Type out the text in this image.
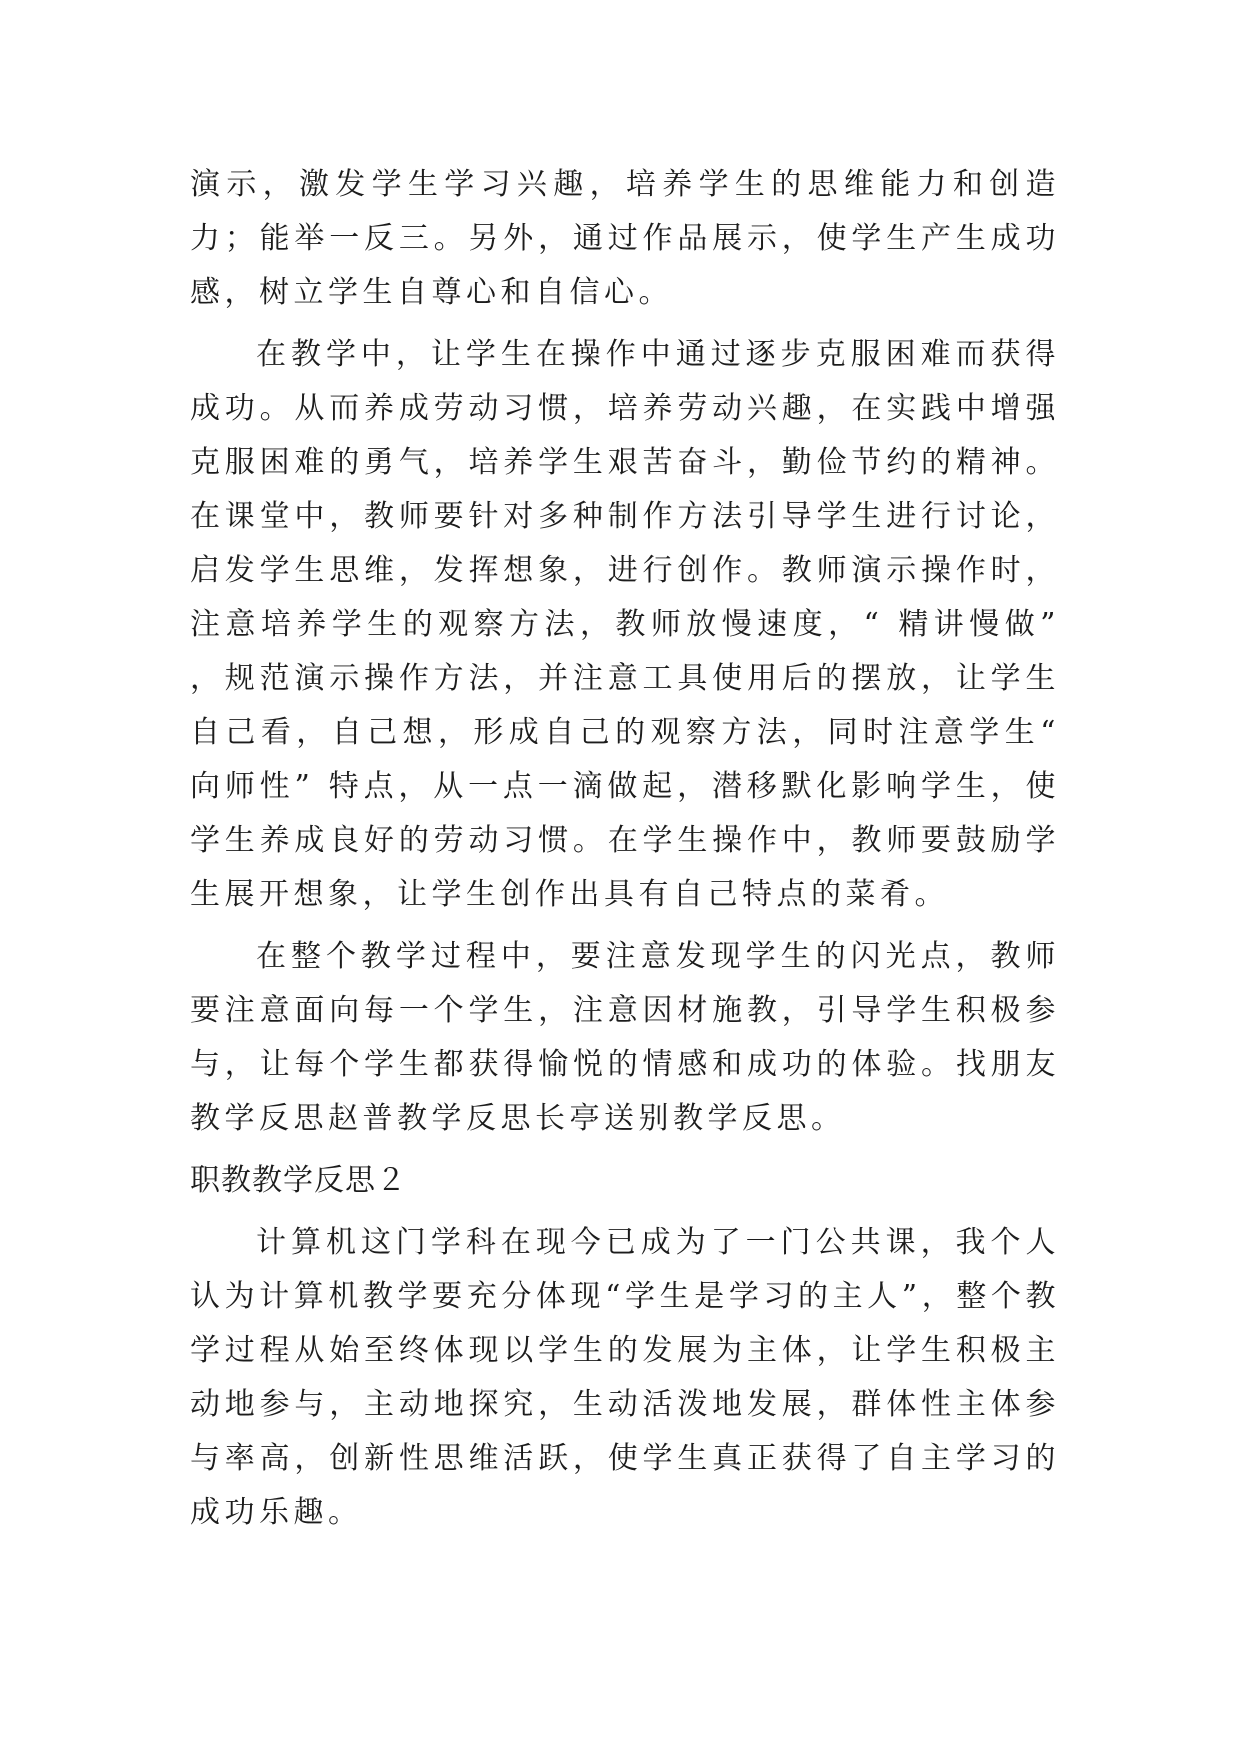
演示，激发学生学习兴趣，培养学生的思维能力和创造力；能举一反三。另外，通过作品展示，使学生产生成功感，树立学生自尊心和自信心。

在教学中，让学生在操作中通过逐步克服困难而获得成功。从而养成劳动习惯，培养劳动兴趣，在实践中增强克服困难的勇气，培养学生艰苦奋斗，勤俭节约的精神。在课堂中，教师要针对多种制作方法引导学生进行讨论，启发学生思维，发挥想象，进行创作。教师演示操作时，注意培养学生的观察方法，教师放慢速度，“ 精讲慢做” ，规范演示操作方法，并注意工具使用后的摆放，让学生自己看，自己想，形成自己的观察方法，同时注意学生“ 向师性” 特点，从一点一滴做起，潜移默化影响学生，使学生养成良好的劳动习惯。在学生操作中，教师要鼓励学生展开想象，让学生创作出具有自己特点的菜肴。

在整个教学过程中，要注意发现学生的闪光点，教师要注意面向每一个学生，注意因材施教，引导学生积极参与，让每个学生都获得愉悦的情感和成功的体验。找朋友教学反思赵普教学反思长亭送别教学反思。

职教教学反思２

计算机这门学科在现今已成为了一门公共课，我个人认为计算机教学要充分体现“学生是学习的主人”，整个教学过程从始至终体现以学生的发展为主体，让学生积极主动地参与，主动地探究，生动活泼地发展，群体性主体参与率高，创新性思维活跃，使学生真正获得了自主学习的成功乐趣。
